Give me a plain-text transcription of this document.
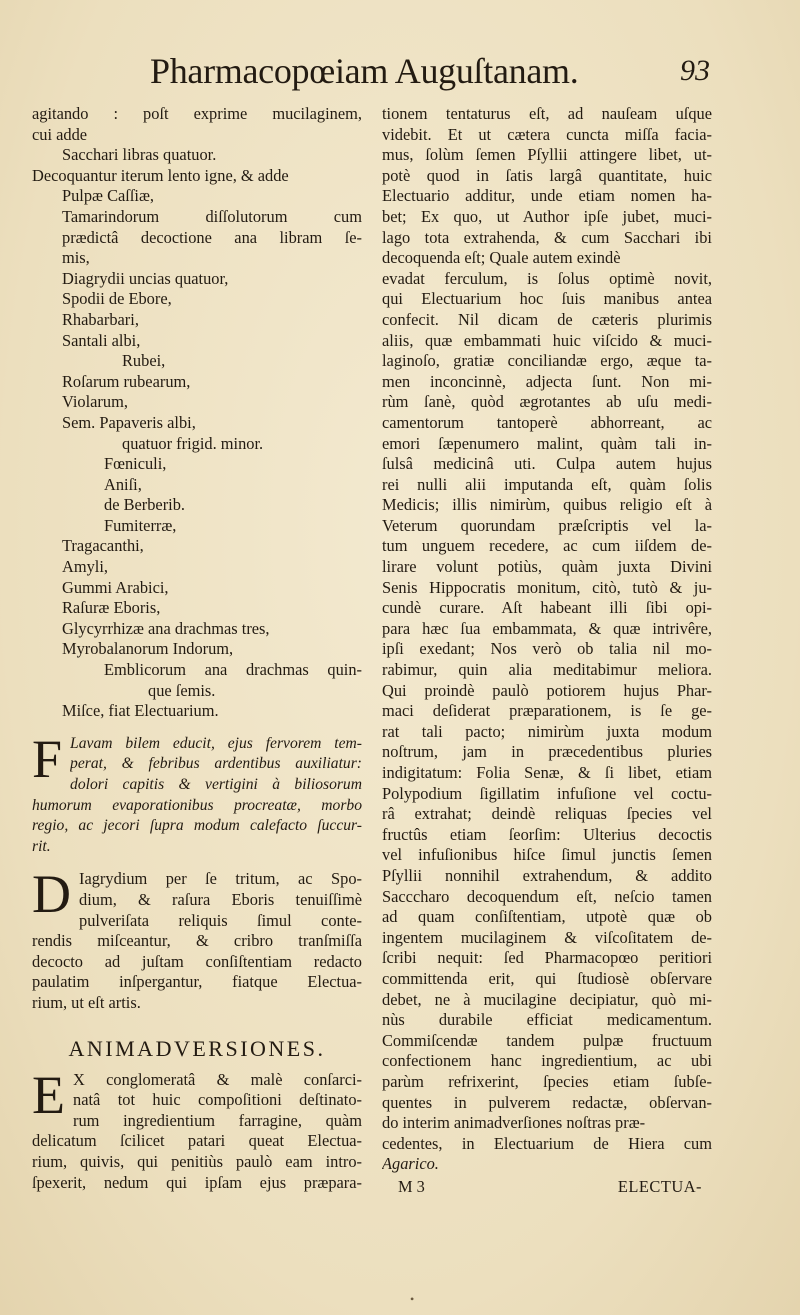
Pharmacopœiam Auguſtanam.	93
agitando : poſt exprime mucilaginem,
cui adde
Sacchari libras quatuor.
Decoquantur iterum lento igne, & adde
Pulpæ Caſſiæ,
Tamarindorum diſſolutorum cum
prædictâ decoctione ana libram ſe-
mis,
Diagrydii uncias quatuor,
Spodii de Ebore,
Rhabarbari,
Santali albi,
Rubei,
Roſarum rubearum,
Violarum,
Sem. Papaveris albi,
quatuor frigid. minor.
Fœniculi,
Aniſi,
de Berberib.
Fumiterræ,
Tragacanthi,
Amyli,
Gummi Arabici,
Raſuræ Eboris,
Glycyrrhizæ ana drachmas tres,
Myrobalanorum Indorum,
Emblicorum ana drachmas quin-
que ſemis.
Miſce, fiat Electuarium.
F Lavam bilem educit, ejus fervorem tem-
perat, & febribus ardentibus auxiliatur:
dolori capitis & vertigini à biliosorum
humorum evaporationibus procreatæ, morbo
regio, ac jecori ſupra modum calefacto ſuccur-
rit.
D Iagrydium per ſe tritum, ac Spo-
dium, & raſura Eboris tenuiſſimè
pulveriſata reliquis ſimul conte-
rendis miſceantur, & cribro tranſmiſſa
decocto ad juſtam conſiſtentiam redacto
paulatim inſpergantur, fiatque Electua-
rium, ut eſt artis.
ANIMADVERSIONES.
E X conglomeratâ & malè conſarci-
natâ tot huic compoſitioni deſtinato-
rum ingredientium farragine, quàm
delicatum ſcilicet patari queat Electua-
rium, quivis, qui penitiùs paulò eam intro-
ſpexerit, nedum qui ipſam ejus præpara-
tionem tentaturus eſt, ad nauſeam uſque
videbit. Et ut cætera cuncta miſſa facia-
mus, ſolùm ſemen Pſyllii attingere libet, ut-
potè quod in ſatis largâ quantitate, huic
Electuario additur, unde etiam nomen ha-
bet; Ex quo, ut Author ipſe jubet, muci-
lago tota extrahenda, & cum Sacchari ibi
decoquenda eſt; Quale autem exindè
evadat ferculum, is ſolus optimè novit,
qui Electuarium hoc ſuis manibus antea
confecit. Nil dicam de cæteris plurimis
aliis, quæ embammati huic viſcido & muci-
laginoſo, gratiæ conciliandæ ergo, æque ta-
men inconcinnè, adjecta ſunt. Non mi-
rùm ſanè, quòd ægrotantes ab uſu medi-
camentorum tantoperè abhorreant, ac
emori ſæpenumero malint, quàm tali in-
ſulsâ medicinâ uti. Culpa autem hujus
rei nulli alii imputanda eſt, quàm ſolis
Medicis; illis nimirùm, quibus religio eſt à
Veterum quorundam præſcriptis vel la-
tum unguem recedere, ac cum iiſdem de-
lirare volunt potiùs, quàm juxta Divini
Senis Hippocratis monitum, citò, tutò & ju-
cundè curare. Aſt habeant illi ſibi opi-
para hæc ſua embammata, & quæ intrivêre,
ipſi exedant; Nos verò ob talia nil mo-
rabimur, quin alia meditabimur meliora.
Qui proindè paulò potiorem hujus Phar-
maci deſiderat præparationem, is ſe ge-
rat tali pacto; nimirùm juxta modum
noſtrum, jam in præcedentibus pluries
indigitatum: Folia Senæ, & ſi libet, etiam
Polypodium ſigillatim infuſione vel coctu-
râ extrahat; deindè reliquas ſpecies vel
fructûs etiam ſeorſim: Ulterius decoctis
vel infuſionibus hiſce ſimul junctis ſemen
Pſyllii nonnihil extrahendum, & addito
Sacccharo decoquendum eſt, neſcio tamen
ad quam conſiſtentiam, utpotè quæ ob
ingentem mucilaginem & viſcoſitatem de-
ſcribi nequit: ſed Pharmacopœo peritiori
committenda erit, qui ſtudiosè obſervare
debet, ne à mucilagine decipiatur, quò mi-
nùs durabile efficiat medicamentum.
Commiſcendæ tandem pulpæ fructuum
confectionem hanc ingredientium, ac ubi
parùm refrixerint, ſpecies etiam ſubſe-
quentes in pulverem redactæ, obſervan-
do interim animadverſiones noſtras præ-
cedentes, in Electuarium de Hiera cum
Agarico.
M 3	ELECTUA-
•
